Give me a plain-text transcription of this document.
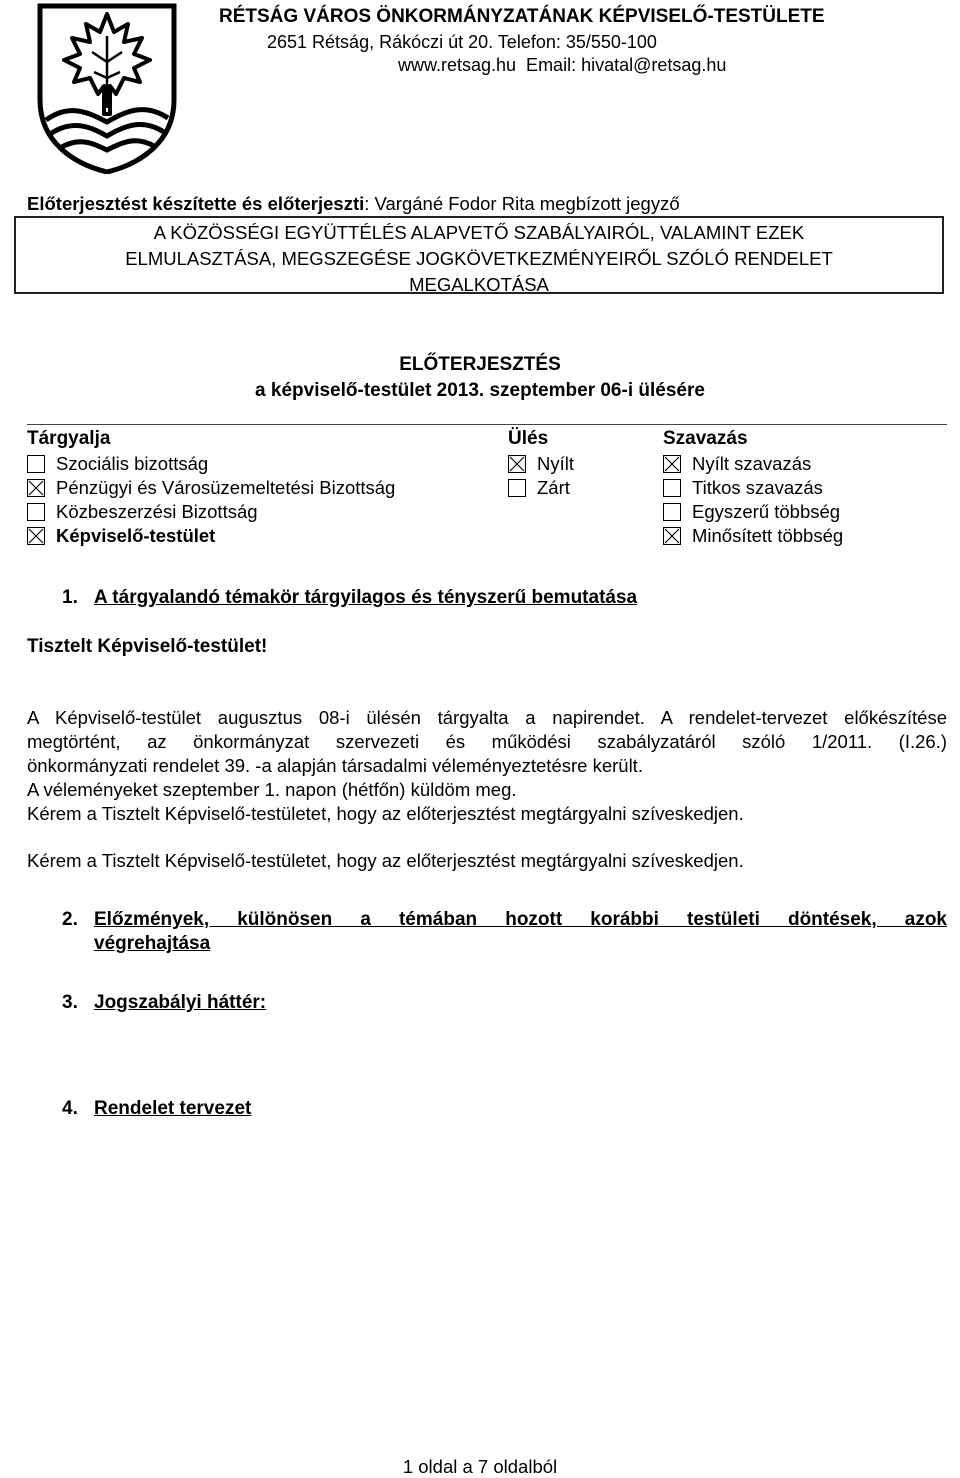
RÉTSÁG VÁROS ÖNKORMÁNYZATÁNAK KÉPVISELŐ-TESTÜLETE
2651 Rétság, Rákóczi út 20. Telefon: 35/550-100
www.retsag.hu  Email: hivatal@retsag.hu
Előterjesztést készítette és előterjeszti: Vargáné Fodor Rita megbízott jegyző
A KÖZÖSSÉGI EGYÜTTÉLÉS ALAPVETŐ SZABÁLYAIRÓL, VALAMINT EZEK
ELMULASZTÁSA, MEGSZEGÉSE JOGKÖVETKEZMÉNYEIRŐL SZÓLÓ RENDELET
MEGALKOTÁSA
ELŐTERJESZTÉS
a képviselő-testület 2013. szeptember 06-i ülésére
Tárgyalja	Ülés	Szavazás
Szociális bizottság
Pénzügyi és Városüzemeltetési Bizottság
Közbeszerzési Bizottság
Képviselő-testület
Nyílt
Zárt
Nyílt szavazás
Titkos szavazás
Egyszerű többség
Minősített többség
1. A tárgyalandó témakör tárgyilagos és tényszerű bemutatása
Tisztelt Képviselő-testület!
A Képviselő-testület augusztus 08-i ülésén tárgyalta a napirendet. A rendelet-tervezet előkészítése
megtörtént, az önkormányzat szervezeti és működési szabályzatáról szóló 1/2011. (I.26.)
önkormányzati rendelet 39. -a alapján társadalmi véleményeztetésre került.
A véleményeket szeptember 1. napon (hétfőn) küldöm meg.
Kérem a Tisztelt Képviselő-testületet, hogy az előterjesztést megtárgyalni szíveskedjen.
Kérem a Tisztelt Képviselő-testületet, hogy az előterjesztést megtárgyalni szíveskedjen.
2. Előzmények, különösen a témában hozott korábbi testületi döntések, azok
végrehajtása
3. Jogszabályi háttér:
4. Rendelet tervezet
1 oldal a 7 oldalból
